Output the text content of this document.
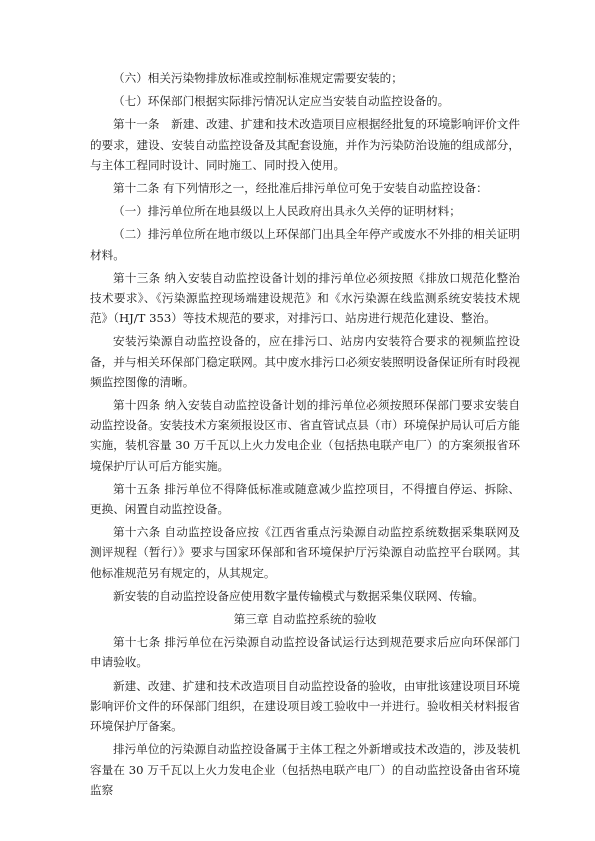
（六）相关污染物排放标准或控制标准规定需要安装的；

（七）环保部门根据实际排污情况认定应当安装自动监控设备的。

第十一条　新建、改建、扩建和技术改造项目应根据经批复的环境影响评价文件的要求，建设、安装自动监控设备及其配套设施，并作为污染防治设施的组成部分，与主体工程同时设计、同时施工、同时投入使用。

第十二条 有下列情形之一，经批准后排污单位可免于安装自动监控设备：

（一）排污单位所在地县级以上人民政府出具永久关停的证明材料；

（二）排污单位所在地市级以上环保部门出具全年停产或废水不外排的相关证明材料。

第十三条 纳入安装自动监控设备计划的排污单位必须按照《排放口规范化整治技术要求》、《污染源监控现场端建设规范》和《水污染源在线监测系统安装技术规范》（HJ/T 353）等技术规范的要求，对排污口、站房进行规范化建设、整治。

安装污染源自动监控设备的，应在排污口、站房内安装符合要求的视频监控设备，并与相关环保部门稳定联网。其中废水排污口必须安装照明设备保证所有时段视频监控图像的清晰。

第十四条 纳入安装自动监控设备计划的排污单位必须按照环保部门要求安装自动监控设备。安装技术方案须报设区市、省直管试点县（市）环境保护局认可后方能实施，装机容量 30 万千瓦以上火力发电企业（包括热电联产电厂）的方案须报省环境保护厅认可后方能实施。

第十五条 排污单位不得降低标准或随意减少监控项目，不得擅自停运、拆除、更换、闲置自动监控设备。

第十六条 自动监控设备应按《江西省重点污染源自动监控系统数据采集联网及测评规程（暂行）》要求与国家环保部和省环境保护厅污染源自动监控平台联网。其他标准规范另有规定的，从其规定。

新安装的自动监控设备应使用数字量传输模式与数据采集仪联网、传输。

第三章 自动监控系统的验收

第十七条 排污单位在污染源自动监控设备试运行达到规范要求后应向环保部门申请验收。

新建、改建、扩建和技术改造项目自动监控设备的验收，由审批该建设项目环境影响评价文件的环保部门组织，在建设项目竣工验收中一并进行。验收相关材料报省环境保护厅备案。

排污单位的污染源自动监控设备属于主体工程之外新增或技术改造的，涉及装机容量在 30 万千瓦以上火力发电企业（包括热电联产电厂）的自动监控设备由省环境监察
